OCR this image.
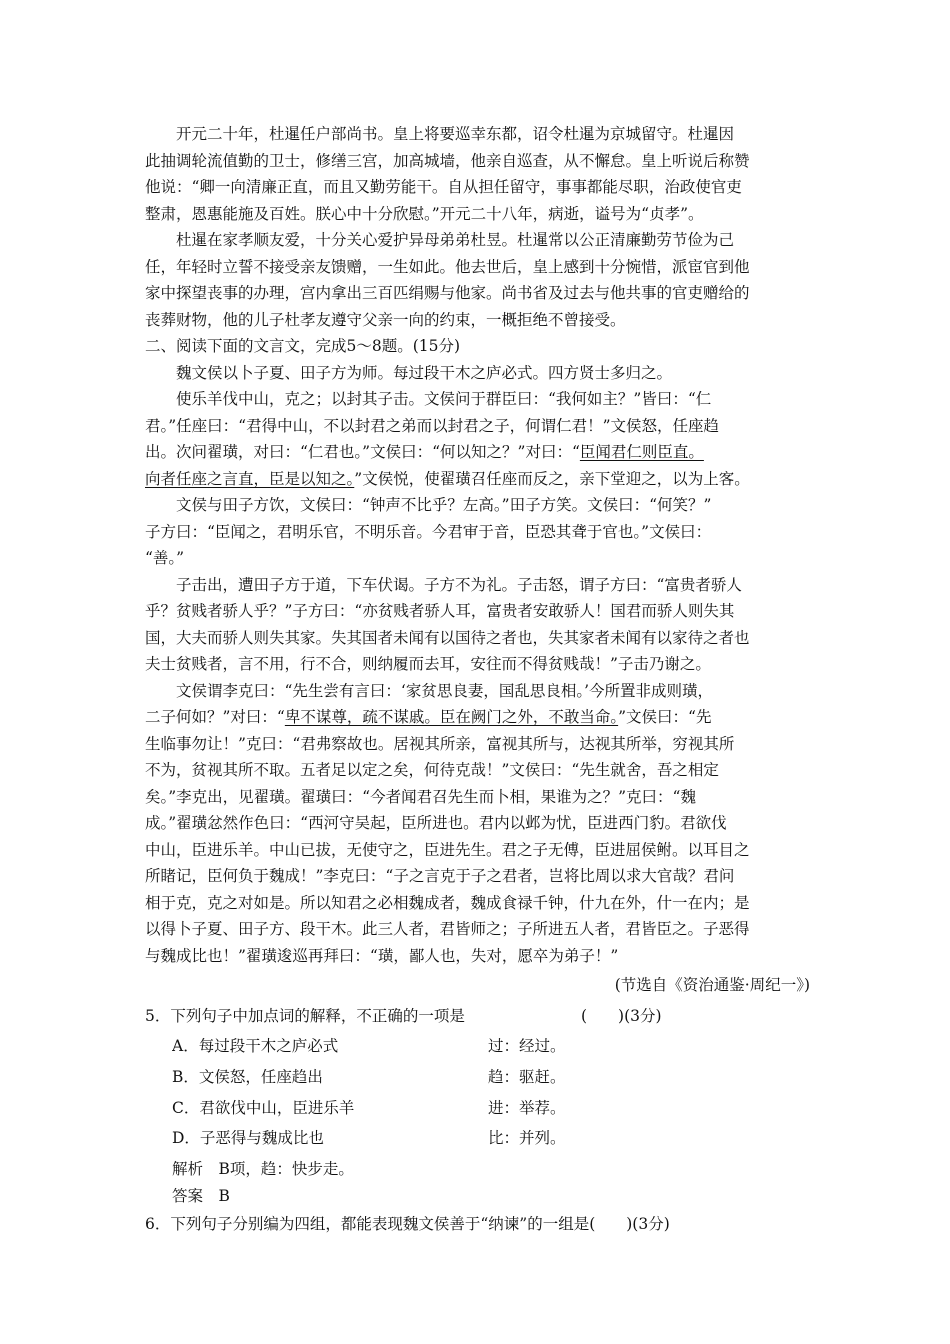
开元二十年，杜暹任户部尚书。皇上将要巡幸东都，诏令杜暹为京城留守。杜暹因
此抽调轮流值勤的卫士，修缮三宫，加高城墙，他亲自巡查，从不懈怠。皇上听说后称赞
他说：“卿一向清廉正直，而且又勤劳能干。自从担任留守，事事都能尽职，治政使官吏
整肃，恩惠能施及百姓。朕心中十分欣慰。”开元二十八年，病逝，谥号为“贞孝”。
杜暹在家孝顺友爱，十分关心爱护异母弟弟杜昱。杜暹常以公正清廉勤劳节俭为己
任，年轻时立誓不接受亲友馈赠，一生如此。他去世后，皇上感到十分惋惜，派宦官到他
家中探望丧事的办理，宫内拿出三百匹绢赐与他家。尚书省及过去与他共事的官吏赠给的
丧葬财物，他的儿子杜孝友遵守父亲一向的约束，一概拒绝不曾接受。
二、阅读下面的文言文，完成5～8题。(15分)
魏文侯以卜子夏、田子方为师。每过段干木之庐必式。四方贤士多归之。
使乐羊伐中山，克之；以封其子击。文侯问于群臣曰：“我何如主？”皆曰：“仁
君。”任座曰：“君得中山，不以封君之弟而以封君之子，何谓仁君！”文侯怒，任座趋
出。次问翟璜，对曰：“仁君也。”文侯曰：“何以知之？”对曰：“臣闻君仁则臣直。
向者任座之言直，臣是以知之。”文侯悦，使翟璜召任座而反之，亲下堂迎之，以为上客。
文侯与田子方饮，文侯曰：“钟声不比乎？左高。”田子方笑。文侯曰：“何笑？”
子方曰：“臣闻之，君明乐官，不明乐音。今君审于音，臣恐其聋于官也。”文侯曰：
“善。”
子击出，遭田子方于道，下车伏谒。子方不为礼。子击怒，谓子方曰：“富贵者骄人
乎？贫贱者骄人乎？”子方曰：“亦贫贱者骄人耳，富贵者安敢骄人！国君而骄人则失其
国，大夫而骄人则失其家。失其国者未闻有以国待之者也，失其家者未闻有以家待之者也
夫士贫贱者，言不用，行不合，则纳履而去耳，安往而不得贫贱哉！”子击乃谢之。
文侯谓李克曰：“先生尝有言曰：‘家贫思良妻，国乱思良相。’今所置非成则璜，
二子何如？”对曰：“卑不谋尊，疏不谋戚。臣在阙门之外，不敢当命。”文侯曰：“先
生临事勿让！”克曰：“君弗察故也。居视其所亲，富视其所与，达视其所举，穷视其所
不为，贫视其所不取。五者足以定之矣，何待克哉！”文侯曰：“先生就舍，吾之相定
矣。”李克出，见翟璜。翟璜曰：“今者闻君召先生而卜相，果谁为之？”克曰：“魏
成。”翟璜忿然作色曰：“西河守吴起，臣所进也。君内以邺为忧，臣进西门豹。君欲伐
中山，臣进乐羊。中山已拔，无使守之，臣进先生。君之子无傅，臣进屈侯鲋。以耳目之
所睹记，臣何负于魏成！”李克曰：“子之言克于子之君者，岂将比周以求大官哉？君问
相于克，克之对如是。所以知君之必相魏成者，魏成食禄千钟，什九在外，什一在内；是
以得卜子夏、田子方、段干木。此三人者，君皆师之；子所进五人者，君皆臣之。子恶得
与魏成比也！”翟璜逡巡再拜曰：“璜，鄙人也，失对，愿卒为弟子！”
(节选自《资治通鉴·周纪一》)
5．下列句子中加点词的解释，不正确的一项是	(　　)(3分)
A．每过段干木之庐必式	过：经过。
B．文侯怒，任座趋出	趋：驱赶。
C．君欲伐中山，臣进乐羊	进：举荐。
D．子恶得与魏成比也	比：并列。
解析　B项，趋：快步走。
答案　B
6．下列句子分别编为四组，都能表现魏文侯善于“纳谏”的一组是(　　)(3分)
